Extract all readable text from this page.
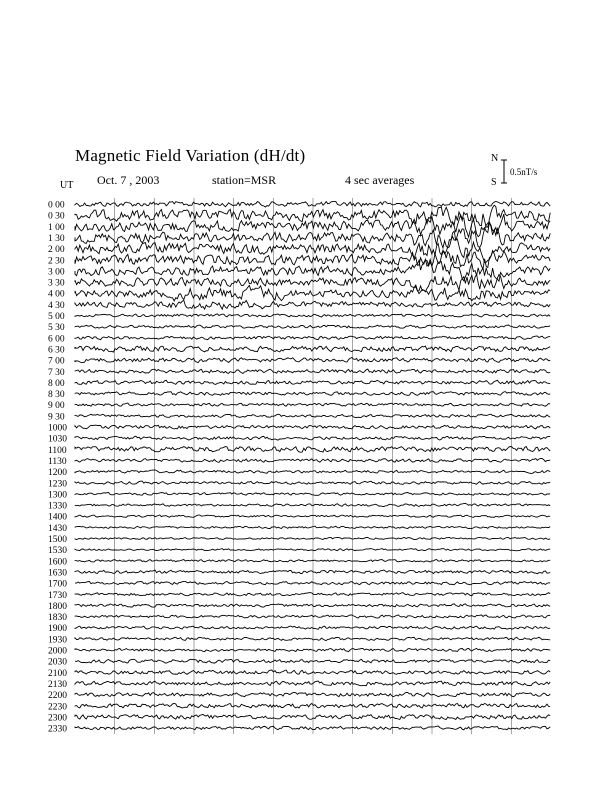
Magnetic Field Variation (dH/dt)
UT Oct. 7 , 2003	station=MSR	4 sec averages
N
S
0.5nT/s
0 00
0 30
1 00
1 30
2 00
2 30
3 00
3 30
4 00
4 30
5 00
5 30
6 00
6 30
7 00
7 30
8 00
8 30
9 00
9 30
1000
1030
1100
1130
1200
1230
1300
1330
1400
1430
1500
1530
1600
1630
1700
1730
1800
1830
1900
1930
2000
2030
2100
2130
2200
2230
2300
2330
